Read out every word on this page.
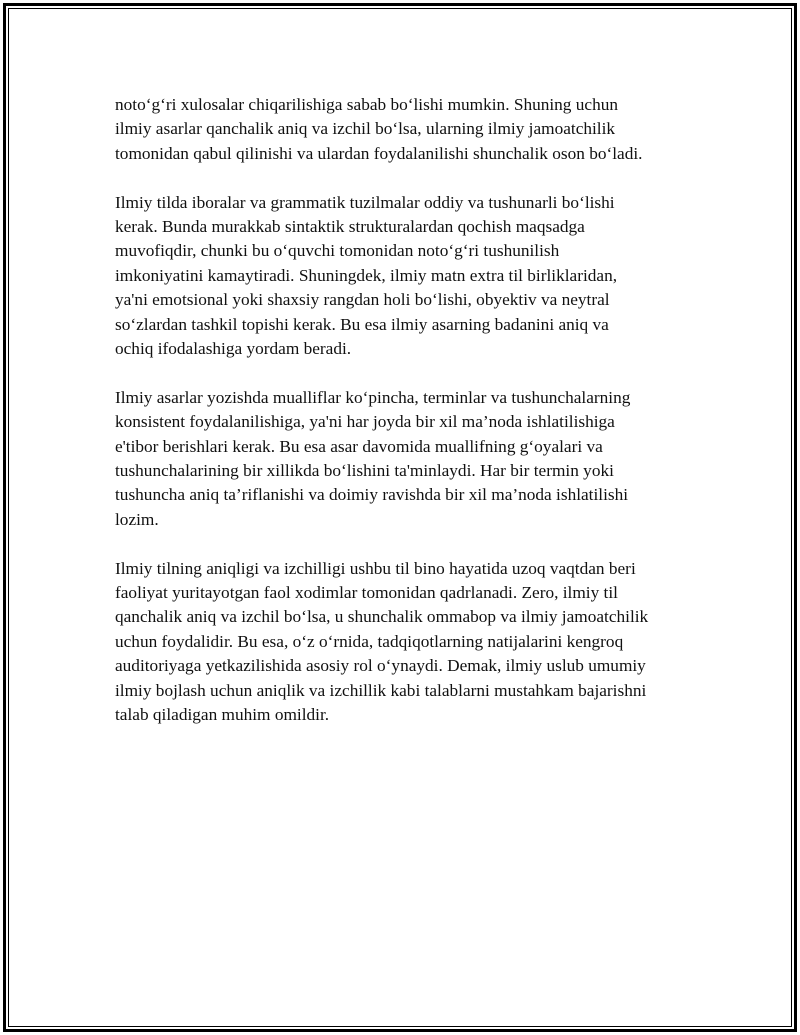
noto‘g‘ri xulosalar chiqarilishiga sabab bo‘lishi mumkin. Shuning uchun
ilmiy asarlar qanchalik aniq va izchil bo‘lsa, ularning ilmiy jamoatchilik
tomonidan qabul qilinishi va ulardan foydalanilishi shunchalik oson bo‘ladi.

Ilmiy tilda iboralar va grammatik tuzilmalar oddiy va tushunarli bo‘lishi
kerak. Bunda murakkab sintaktik strukturalardan qochish maqsadga
muvofiqdir, chunki bu o‘quvchi tomonidan noto‘g‘ri tushunilish
imkoniyatini kamaytiradi. Shuningdek, ilmiy matn extra til birliklaridan,
ya'ni emotsional yoki shaxsiy rangdan holi bo‘lishi, obyektiv va neytral
so‘zlardan tashkil topishi kerak. Bu esa ilmiy asarning badanini aniq va
ochiq ifodalashiga yordam beradi.

Ilmiy asarlar yozishda mualliflar ko‘pincha, terminlar va tushunchalarning
konsistent foydalanilishiga, ya'ni har joyda bir xil ma’noda ishlatilishiga
e'tibor berishlari kerak. Bu esa asar davomida muallifning g‘oyalari va
tushunchalarining bir xillikda bo‘lishini ta'minlaydi. Har bir termin yoki
tushuncha aniq ta’riflanishi va doimiy ravishda bir xil ma’noda ishlatilishi
lozim.

Ilmiy tilning aniqligi va izchilligi ushbu til bino hayatida uzoq vaqtdan beri
faoliyat yuritayotgan faol xodimlar tomonidan qadrlanadi. Zero, ilmiy til
qanchalik aniq va izchil bo‘lsa, u shunchalik ommabop va ilmiy jamoatchilik
uchun foydalidir. Bu esa, o‘z o‘rnida, tadqiqotlarning natijalarini kengroq
auditoriyaga yetkazilishida asosiy rol o‘ynaydi. Demak, ilmiy uslub umumiy
ilmiy bojlash uchun aniqlik va izchillik kabi talablarni mustahkam bajarishni
talab qiladigan muhim omildir.
